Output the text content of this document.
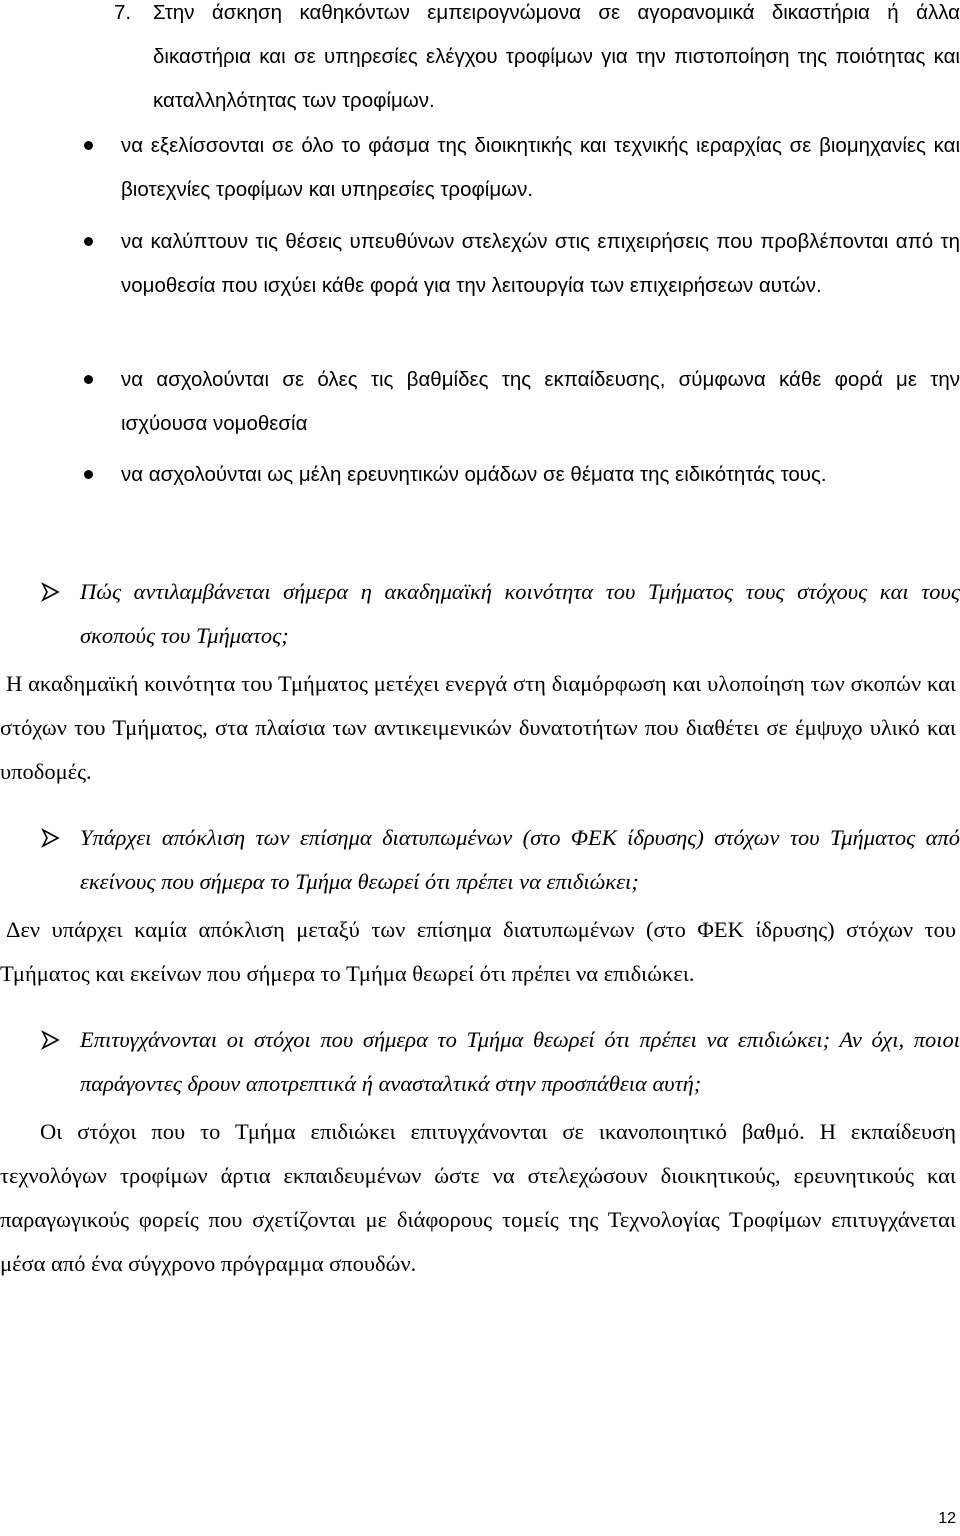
7.	Στην άσκηση καθηκόντων εμπειρογνώμονα σε αγορανομικά δικαστήρια ή άλλα δικαστήρια και σε υπηρεσίες ελέγχου τροφίμων για την πιστοποίηση της ποιότητας και καταλληλότητας των τροφίμων.
να εξελίσσονται σε όλο το φάσμα της διοικητικής και τεχνικής ιεραρχίας σε βιομηχανίες και βιοτεχνίες τροφίμων και υπηρεσίες τροφίμων.
να καλύπτουν τις θέσεις υπευθύνων στελεχών στις επιχειρήσεις που προβλέπονται από τη νομοθεσία που ισχύει κάθε φορά για την λειτουργία των επιχειρήσεων αυτών.
να ασχολούνται σε όλες τις βαθμίδες της εκπαίδευσης, σύμφωνα κάθε φορά με την ισχύουσα νομοθεσία
να ασχολούνται ως μέλη ερευνητικών ομάδων σε θέματα της ειδικότητάς τους.
Πώς αντιλαμβάνεται σήμερα η ακαδημαϊκή κοινότητα του Τμήματος τους στόχους και τους σκοπούς του Τμήματος;
Η ακαδημαϊκή κοινότητα του Τμήματος μετέχει ενεργά στη διαμόρφωση και υλοποίηση των σκοπών και στόχων του Τμήματος, στα πλαίσια των αντικειμενικών δυνατοτήτων που διαθέτει σε έμψυχο υλικό και υποδομές.
Υπάρχει απόκλιση των επίσημα διατυπωμένων (στο ΦΕΚ ίδρυσης) στόχων του Τμήματος από εκείνους που σήμερα το Τμήμα θεωρεί ότι πρέπει να επιδιώκει;
Δεν υπάρχει καμία απόκλιση μεταξύ των επίσημα διατυπωμένων (στο ΦΕΚ ίδρυσης) στόχων του Τμήματος και εκείνων που σήμερα το Τμήμα θεωρεί ότι πρέπει να επιδιώκει.
Επιτυγχάνονται οι στόχοι που σήμερα το Τμήμα θεωρεί ότι πρέπει να επιδιώκει; Αν όχι, ποιοι παράγοντες δρουν αποτρεπτικά ή ανασταλτικά στην προσπάθεια αυτή;
Οι στόχοι που το Τμήμα επιδιώκει επιτυγχάνονται σε ικανοποιητικό βαθμό. Η εκπαίδευση τεχνολόγων τροφίμων άρτια εκπαιδευμένων ώστε να στελεχώσουν διοικητικούς, ερευνητικούς και παραγωγικούς φορείς που σχετίζονται με διάφορους τομείς της Τεχνολογίας Τροφίμων επιτυγχάνεται μέσα από ένα σύγχρονο πρόγραμμα σπουδών.
12
